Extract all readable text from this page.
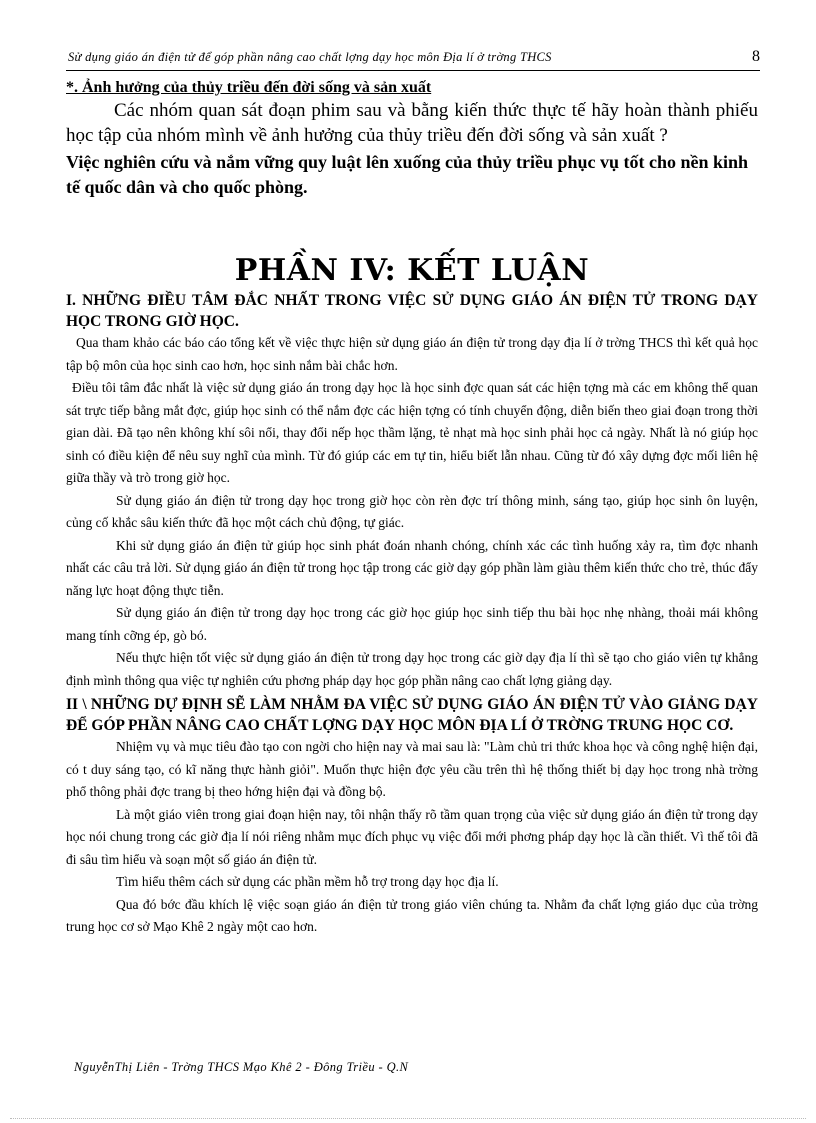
Sử dụng giáo án điện tử để góp phần nâng cao chất lợng dạy học môn Địa lí ở trờng THCS	8

*. Ảnh hưởng của thủy triều đến đời sống và sản xuất

Các nhóm quan sát đoạn phim sau và bằng kiến thức thực tế hãy hoàn thành phiếu học tập của nhóm mình về ảnh hưởng của thủy triều đến đời sống và sản xuất ?

Việc nghiên cứu và nắm vững quy luật lên xuống của thủy triều phục vụ tốt cho nền kinh tế quốc dân và cho quốc phòng.

PHẦN IV: KẾT LUẬN

I. NHỮNG ĐIỀU TÂM ĐẮC NHẤT TRONG VIỆC SỬ DỤNG GIÁO ÁN ĐIỆN TỬ TRONG DẠY HỌC TRONG GIỜ HỌC.

Qua tham khảo các báo cáo tổng kết về việc thực hiện sử dụng giáo án điện tử trong dạy địa lí ở trờng THCS thì kết quả học tập bộ môn của học sinh cao hơn, học sinh nắm bài chắc hơn.

Điều tôi tâm đắc nhất là việc sử dụng giáo án trong dạy học là học sinh đợc quan sát các hiện tợng mà các em không thể quan sát trực tiếp bằng mắt đợc, giúp học sinh có thể nắm đợc các hiện tợng có tính chuyển động, diễn biến theo giai đoạn trong thời gian dài. Đã tạo nên không khí sôi nổi, thay đổi nếp học thầm lặng, tẻ nhạt mà học sinh phải học cả ngày. Nhất là nó giúp học sinh có điều kiện để nêu suy nghĩ của mình. Từ đó giúp các em tự tin, hiểu biết lẫn nhau. Cũng từ đó xây dựng đợc mối liên hệ giữa thầy và trò trong giờ học.

Sử dụng giáo án điện tử trong dạy học trong giờ học còn rèn đợc trí thông minh, sáng tạo, giúp học sinh ôn luyện, củng cố khắc sâu kiến thức đã học một cách chủ động, tự giác.

Khi sử dụng giáo án điện tử giúp học sinh phát đoán nhanh chóng, chính xác các tình huống xảy ra, tìm đợc nhanh nhất các câu trả lời. Sử dụng giáo án điện tử trong học tập trong các giờ dạy góp phần làm giàu thêm kiến thức cho trẻ, thúc đẩy năng lực hoạt động thực tiễn.

Sử dụng giáo án điện tử trong dạy học trong các giờ học giúp học sinh tiếp thu bài học nhẹ nhàng, thoải mái không mang tính cỡng ép, gò bó.

Nếu thực hiện tốt việc sử dụng giáo án điện tử trong dạy học trong các giờ dạy địa lí thì sẽ tạo cho giáo viên tự khẳng định mình thông qua việc tự nghiên cứu phơng pháp dạy học góp phần nâng cao chất lợng giảng dạy.

II \ NHỮNG DỰ ĐỊNH SẼ LÀM NHẰM ĐA VIỆC SỬ DỤNG GIÁO ÁN ĐIỆN TỬ VÀO GIẢNG DẠY ĐỂ GÓP PHẦN NÂNG CAO CHẤT LỢNG DẠY HỌC MÔN ĐỊA LÍ Ở TRỜNG TRUNG HỌC CƠ.

Nhiệm vụ và mục tiêu đào tạo con ngời cho hiện nay và mai sau là: "Làm chủ tri thức khoa học và công nghệ hiện đại, có t duy sáng tạo, có kĩ năng thực hành giỏi". Muốn thực hiện đợc yêu cầu trên thì hệ thống thiết bị dạy học trong nhà trờng phổ thông phải đợc trang bị theo hớng hiện đại và đồng bộ.

Là một giáo viên trong giai đoạn hiện nay, tôi nhận thấy rõ tầm quan trọng của việc sử dụng giáo án điện tử trong dạy học nói chung trong các giờ địa lí nói riêng nhằm mục đích phục vụ việc đổi mới phơng pháp dạy học là cần thiết. Vì thế tôi đã đi sâu tìm hiểu và soạn một số giáo án điện tử.

Tìm hiểu thêm cách sử dụng các phần mềm hỗ trợ trong dạy học địa lí.

Qua đó bớc đầu khích lệ việc soạn giáo án điện tử trong giáo viên chúng ta. Nhằm đa chất lợng giáo dục của trờng trung học cơ sở Mạo Khê 2 ngày một cao hơn.

NguyễnThị Liên - Trờng THCS Mạo Khê 2 - Đông Triều - Q.N
